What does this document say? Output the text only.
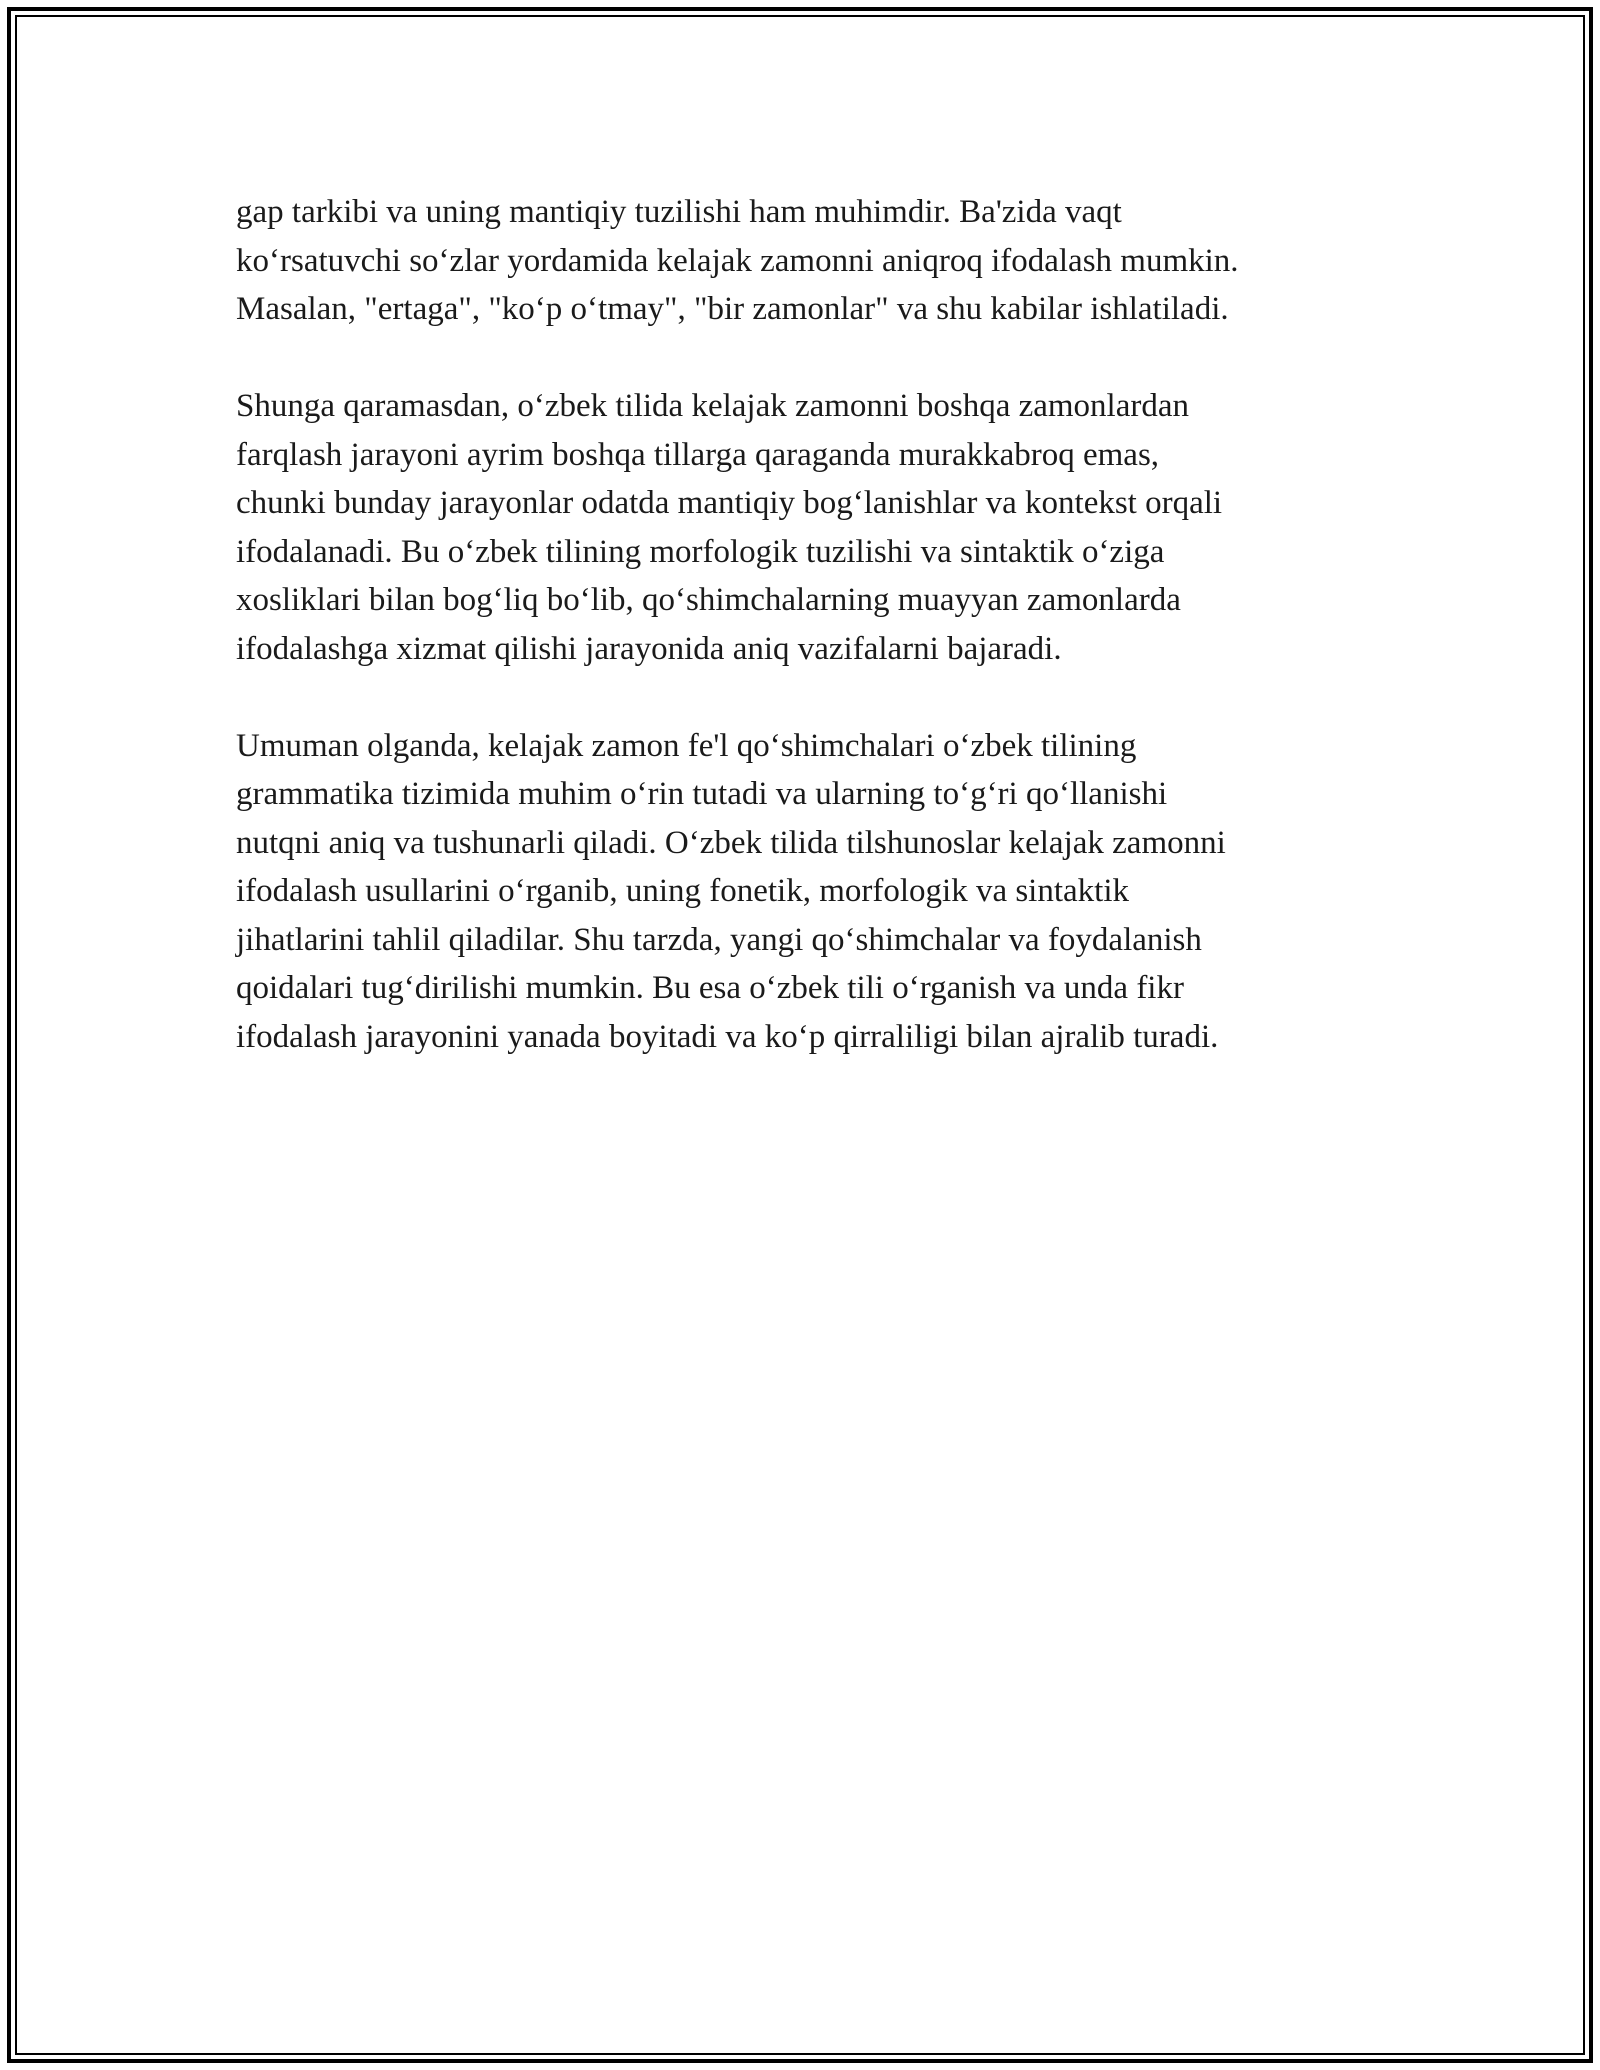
gap tarkibi va uning mantiqiy tuzilishi ham muhimdir. Ba'zida vaqt
ko‘rsatuvchi so‘zlar yordamida kelajak zamonni aniqroq ifodalash mumkin.
Masalan, "ertaga", "ko‘p o‘tmay", "bir zamonlar" va shu kabilar ishlatiladi.
Shunga qaramasdan, o‘zbek tilida kelajak zamonni boshqa zamonlardan
farqlash jarayoni ayrim boshqa tillarga qaraganda murakkabroq emas,
chunki bunday jarayonlar odatda mantiqiy bog‘lanishlar va kontekst orqali
ifodalanadi. Bu o‘zbek tilining morfologik tuzilishi va sintaktik o‘ziga
xosliklari bilan bog‘liq bo‘lib, qo‘shimchalarning muayyan zamonlarda
ifodalashga xizmat qilishi jarayonida aniq vazifalarni bajaradi.
Umuman olganda, kelajak zamon fe'l qo‘shimchalari o‘zbek tilining
grammatika tizimida muhim o‘rin tutadi va ularning to‘g‘ri qo‘llanishi
nutqni aniq va tushunarli qiladi. O‘zbek tilida tilshunoslar kelajak zamonni
ifodalash usullarini o‘rganib, uning fonetik, morfologik va sintaktik
jihatlarini tahlil qiladilar. Shu tarzda, yangi qo‘shimchalar va foydalanish
qoidalari tug‘dirilishi mumkin. Bu esa o‘zbek tili o‘rganish va unda fikr
ifodalash jarayonini yanada boyitadi va ko‘p qirraliligi bilan ajralib turadi.
